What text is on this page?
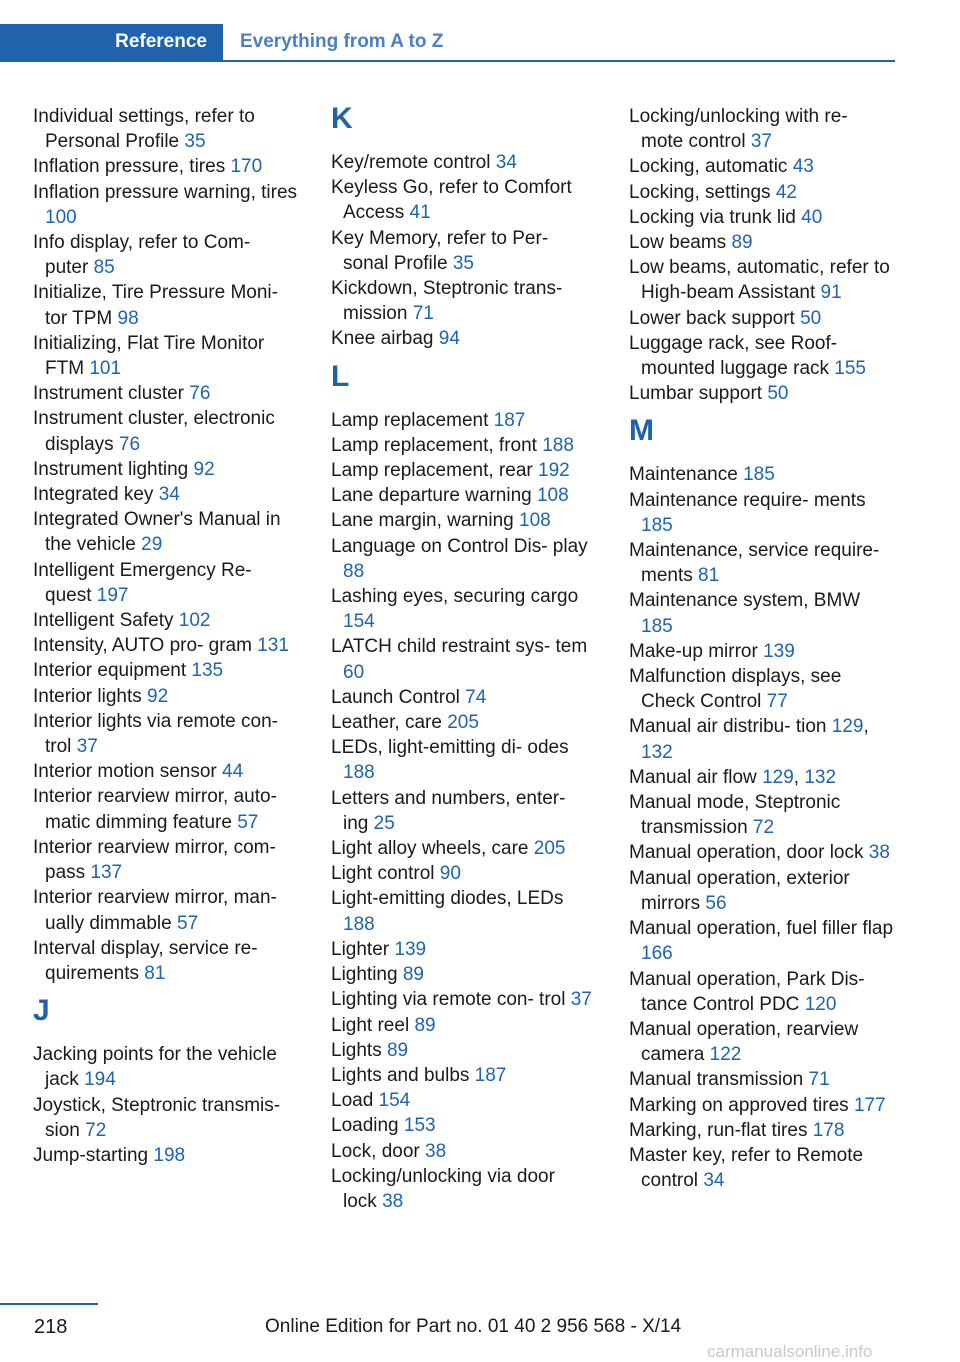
Reference	Everything from A to Z
Individual settings, refer to Personal Profile 35
Inflation pressure, tires 170
Inflation pressure warning, tires 100
Info display, refer to Com- puter 85
Initialize, Tire Pressure Moni- tor TPM 98
Initializing, Flat Tire Monitor FTM 101
Instrument cluster 76
Instrument cluster, electronic displays 76
Instrument lighting 92
Integrated key 34
Integrated Owner's Manual in the vehicle 29
Intelligent Emergency Re- quest 197
Intelligent Safety 102
Intensity, AUTO pro- gram 131
Interior equipment 135
Interior lights 92
Interior lights via remote con- trol 37
Interior motion sensor 44
Interior rearview mirror, auto- matic dimming feature 57
Interior rearview mirror, com- pass 137
Interior rearview mirror, man- ually dimmable 57
Interval display, service re- quirements 81
J
Jacking points for the vehicle jack 194
Joystick, Steptronic transmis- sion 72
Jump-starting 198
K
Key/remote control 34
Keyless Go, refer to Comfort Access 41
Key Memory, refer to Per- sonal Profile 35
Kickdown, Steptronic trans- mission 71
Knee airbag 94
L
Lamp replacement 187
Lamp replacement, front 188
Lamp replacement, rear 192
Lane departure warning 108
Lane margin, warning 108
Language on Control Dis- play 88
Lashing eyes, securing cargo 154
LATCH child restraint sys- tem 60
Launch Control 74
Leather, care 205
LEDs, light-emitting di- odes 188
Letters and numbers, enter- ing 25
Light alloy wheels, care 205
Light control 90
Light-emitting diodes, LEDs 188
Lighter 139
Lighting 89
Lighting via remote con- trol 37
Light reel 89
Lights 89
Lights and bulbs 187
Load 154
Loading 153
Lock, door 38
Locking/unlocking via door lock 38
Locking/unlocking with re- mote control 37
Locking, automatic 43
Locking, settings 42
Locking via trunk lid 40
Low beams 89
Low beams, automatic, refer to High-beam Assistant 91
Lower back support 50
Luggage rack, see Roof- mounted luggage rack 155
Lumbar support 50
M
Maintenance 185
Maintenance require- ments 185
Maintenance, service require- ments 81
Maintenance system, BMW 185
Make-up mirror 139
Malfunction displays, see Check Control 77
Manual air distribu- tion 129, 132
Manual air flow 129, 132
Manual mode, Steptronic transmission 72
Manual operation, door lock 38
Manual operation, exterior mirrors 56
Manual operation, fuel filler flap 166
Manual operation, Park Dis- tance Control PDC 120
Manual operation, rearview camera 122
Manual transmission 71
Marking on approved tires 177
Marking, run-flat tires 178
Master key, refer to Remote control 34
218	Online Edition for Part no. 01 40 2 956 568 - X/14
carmanualsonline.info
